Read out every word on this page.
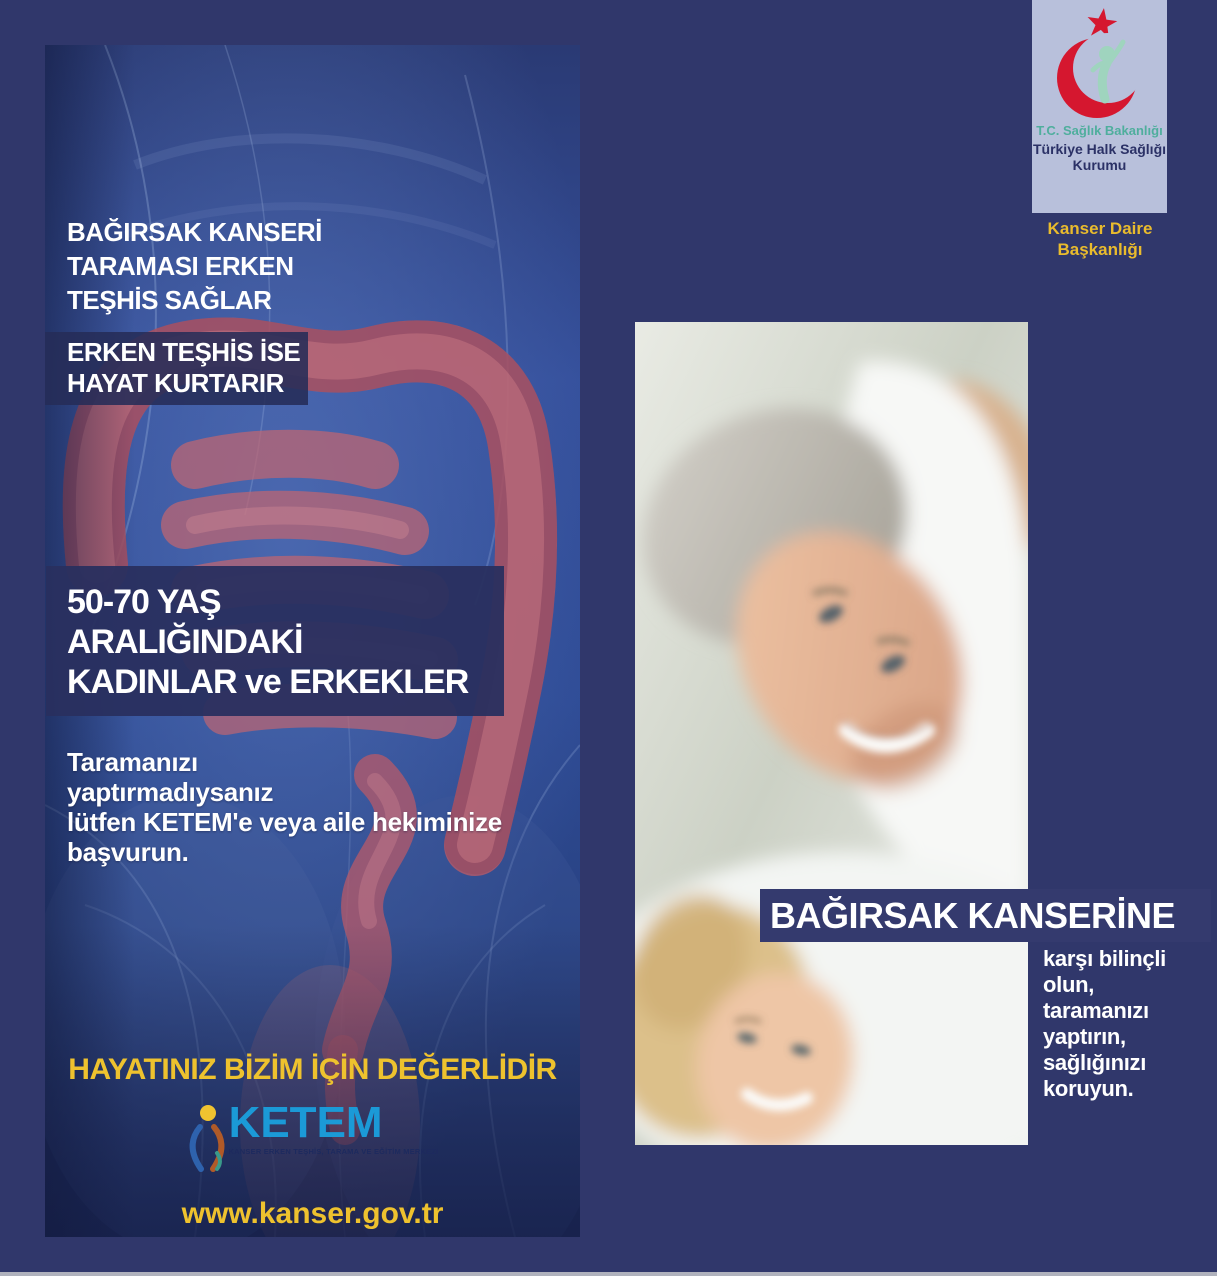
BAĞIRSAK KANSERİ
TARAMASI ERKEN
TEŞHİS SAĞLAR
ERKEN TEŞHİS İSE
HAYAT KURTARIR
50-70 YAŞ
ARALIĞINDAKİ
KADINLAR ve ERKEKLER
Taramanızı
yaptırmadıysanız
lütfen KETEM'e veya aile hekiminize
başvurun.
HAYATINIZ BİZİM İÇİN DEĞERLİDİR
KETEM
KANSER ERKEN TEŞHİS, TARAMA VE EĞİTİM MERKEZİ
www.kanser.gov.tr
T.C. Sağlık Bakanlığı
Türkiye Halk Sağlığı
Kurumu
Kanser Daire
Başkanlığı
BAĞIRSAK KANSERİNE
karşı bilinçli
olun,
taramanızı
yaptırın,
sağlığınızı
koruyun.
